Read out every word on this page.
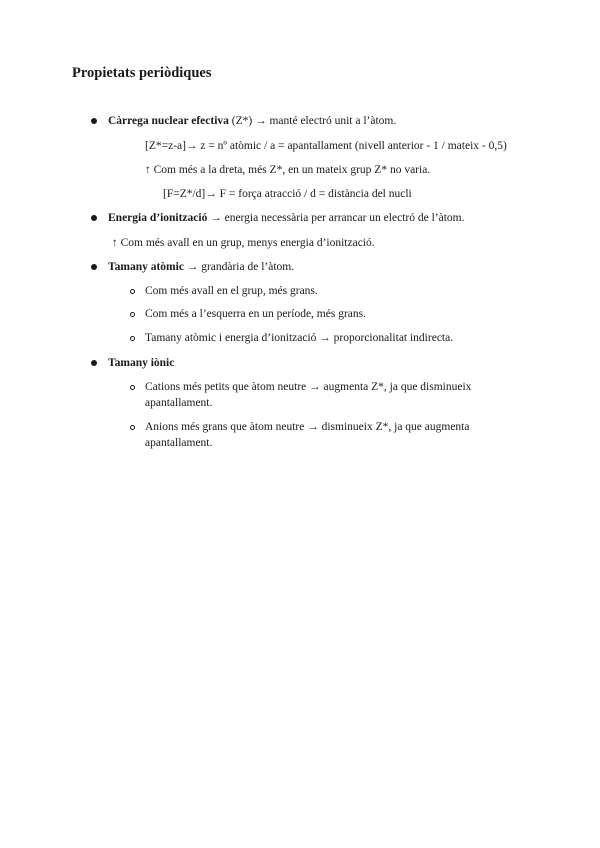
Propietats periòdiques
Càrrega nuclear efectiva (Z*) → manté electró unit a l’àtom.
[Z*=z-a]→ z = nº atòmic / a = apantallament (nivell anterior - 1 / mateix - 0,5)
↑ Com més a la dreta, més Z*, en un mateix grup Z* no varia.
[F=Z*/d]→ F = força atracció / d = distància del nucli
Energia d’ionització → energia necessària per arrancar un electró de l’àtom.
↑ Com més avall en un grup, menys energia d’ionització.
Tamany atòmic → grandària de l’àtom.
Com més avall en el grup, més grans.
Com més a l’esquerra en un període, més grans.
Tamany atòmic i energia d’ionització → proporcionalitat indirecta.
Tamany iònic
Cations més petits que àtom neutre → augmenta Z*, ja que disminueix apantallament.
Anions més grans que àtom neutre → disminueix Z*, ja que augmenta apantallament.
